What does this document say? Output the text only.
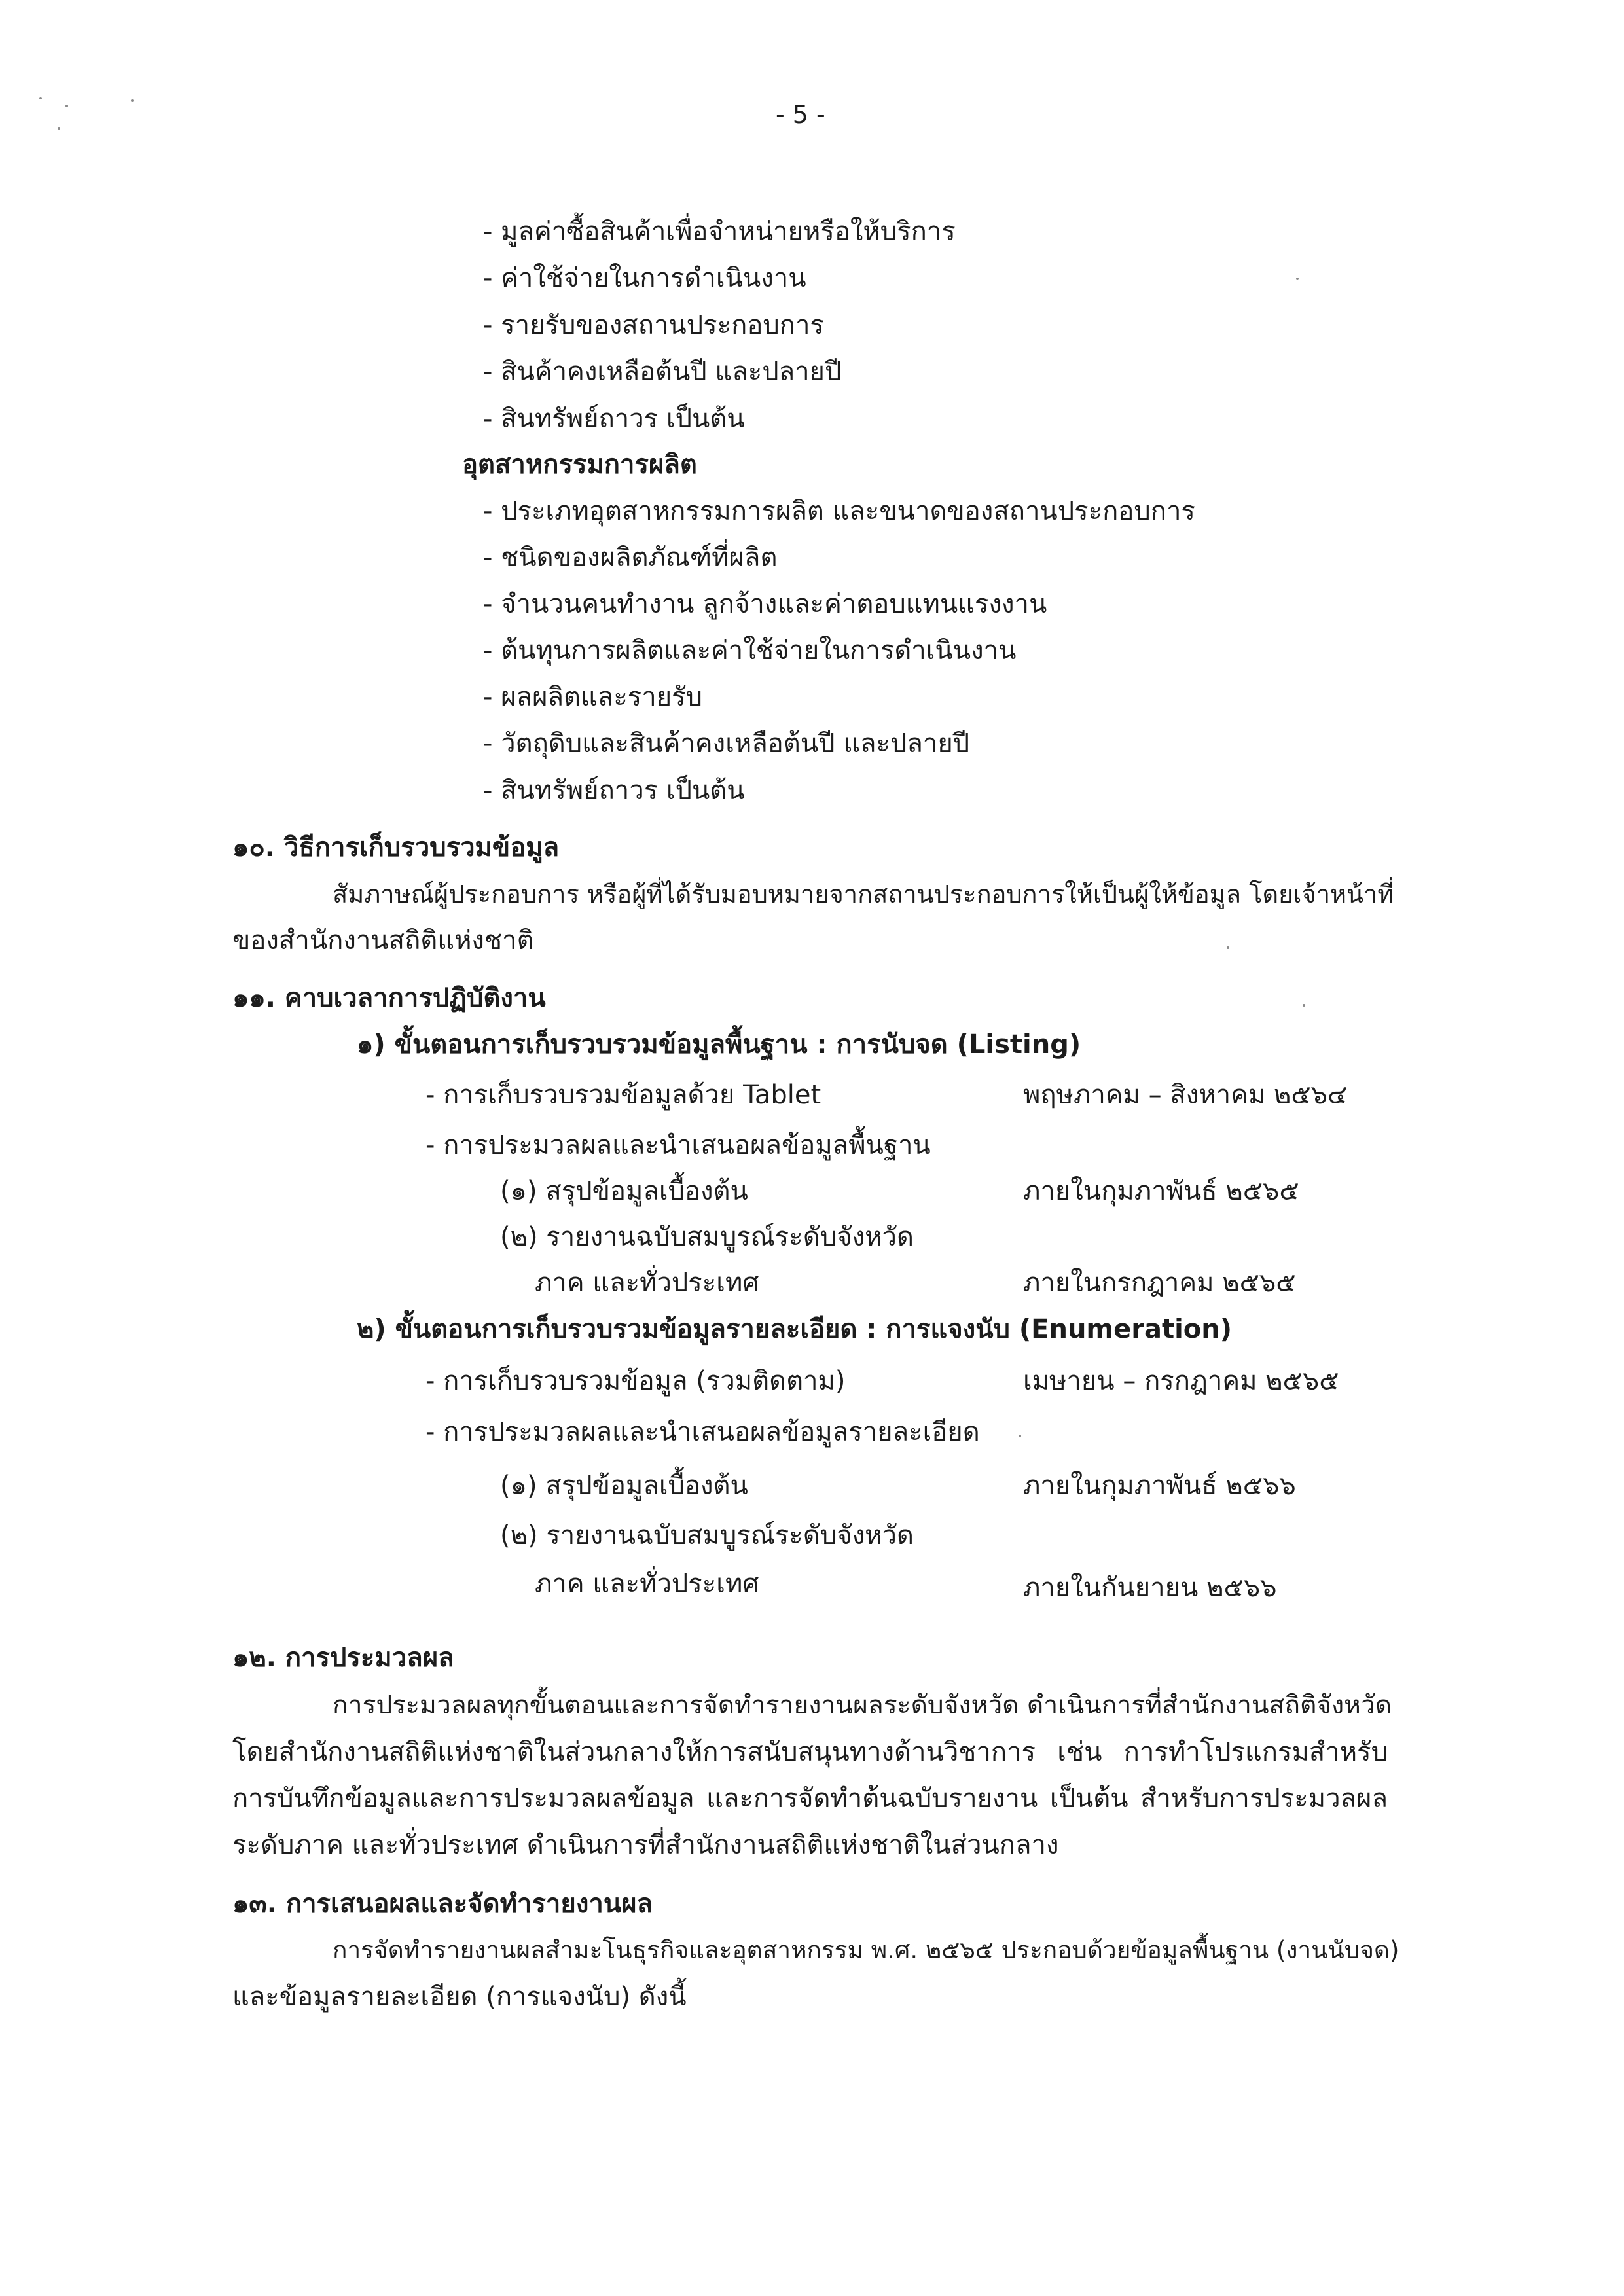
- 5 -
- มูลค่าซื้อสินค้าเพื่อจำหน่ายหรือให้บริการ
- ค่าใช้จ่ายในการดำเนินงาน
- รายรับของสถานประกอบการ
- สินค้าคงเหลือต้นปี และปลายปี
- สินทรัพย์ถาวร เป็นต้น
อุตสาหกรรมการผลิต
- ประเภทอุตสาหกรรมการผลิต และขนาดของสถานประกอบการ
- ชนิดของผลิตภัณฑ์ที่ผลิต
- จำนวนคนทำงาน ลูกจ้างและค่าตอบแทนแรงงาน
- ต้นทุนการผลิตและค่าใช้จ่ายในการดำเนินงาน
- ผลผลิตและรายรับ
- วัตถุดิบและสินค้าคงเหลือต้นปี และปลายปี
- สินทรัพย์ถาวร เป็นต้น
๑๐. วิธีการเก็บรวบรวมข้อมูล
สัมภาษณ์ผู้ประกอบการ หรือผู้ที่ได้รับมอบหมายจากสถานประกอบการให้เป็นผู้ให้ข้อมูล โดยเจ้าหน้าที่
ของสำนักงานสถิติแห่งชาติ
๑๑. คาบเวลาการปฏิบัติงาน
๑) ขั้นตอนการเก็บรวบรวมข้อมูลพื้นฐาน : การนับจด (Listing)
- การเก็บรวบรวมข้อมูลด้วย Tablet	พฤษภาคม – สิงหาคม ๒๕๖๔
- การประมวลผลและนำเสนอผลข้อมูลพื้นฐาน
(๑) สรุปข้อมูลเบื้องต้น	ภายในกุมภาพันธ์ ๒๕๖๕
(๒) รายงานฉบับสมบูรณ์ระดับจังหวัด
ภาค และทั่วประเทศ	ภายในกรกฎาคม ๒๕๖๕
๒) ขั้นตอนการเก็บรวบรวมข้อมูลรายละเอียด : การแจงนับ (Enumeration)
- การเก็บรวบรวมข้อมูล (รวมติดตาม)	เมษายน – กรกฎาคม ๒๕๖๕
- การประมวลผลและนำเสนอผลข้อมูลรายละเอียด
(๑) สรุปข้อมูลเบื้องต้น	ภายในกุมภาพันธ์ ๒๕๖๖
(๒) รายงานฉบับสมบูรณ์ระดับจังหวัด
ภาค และทั่วประเทศ	ภายในกันยายน ๒๕๖๖
๑๒. การประมวลผล
การประมวลผลทุกขั้นตอนและการจัดทำรายงานผลระดับจังหวัด ดำเนินการที่สำนักงานสถิติจังหวัด
โดยสำนักงานสถิติแห่งชาติในส่วนกลางให้การสนับสนุนทางด้านวิชาการ เช่น การทำโปรแกรมสำหรับ
การบันทึกข้อมูลและการประมวลผลข้อมูล และการจัดทำต้นฉบับรายงาน เป็นต้น สำหรับการประมวลผล
ระดับภาค และทั่วประเทศ ดำเนินการที่สำนักงานสถิติแห่งชาติในส่วนกลาง
๑๓. การเสนอผลและจัดทำรายงานผล
การจัดทำรายงานผลสำมะโนธุรกิจและอุตสาหกรรม พ.ศ. ๒๕๖๕ ประกอบด้วยข้อมูลพื้นฐาน (งานนับจด)
และข้อมูลรายละเอียด (การแจงนับ) ดังนี้
